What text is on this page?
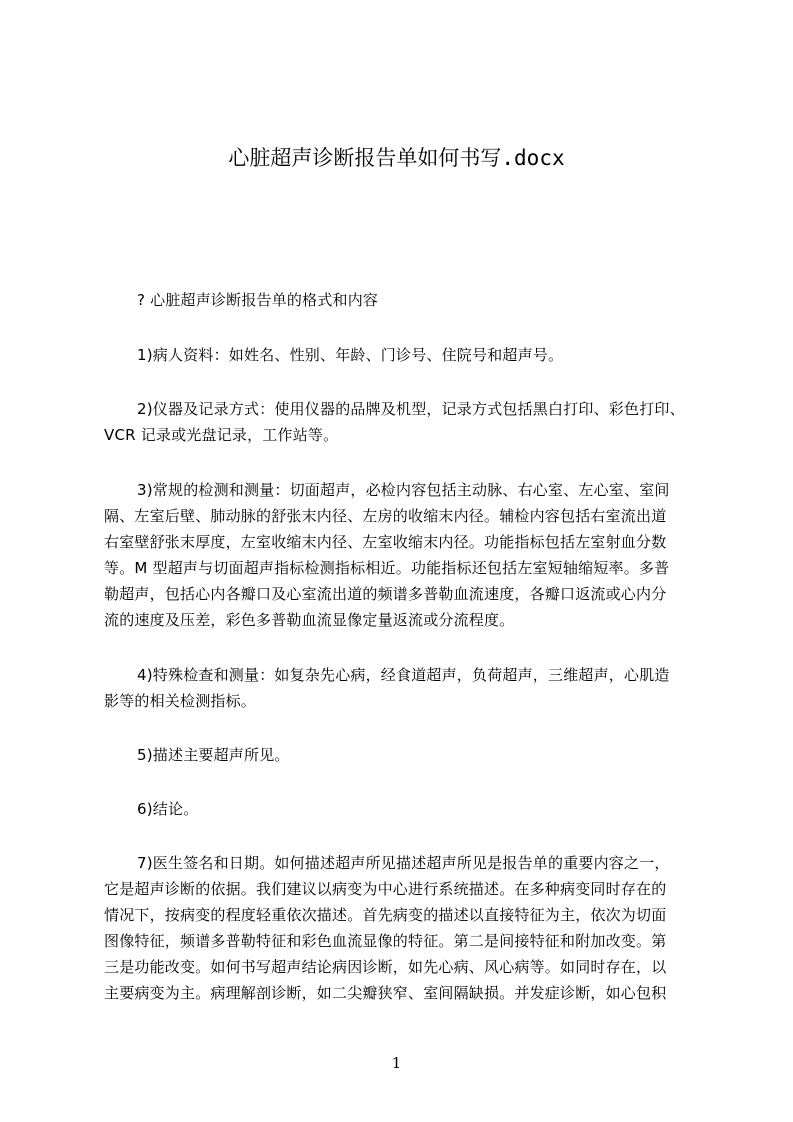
心脏超声诊断报告单如何书写.docx
? 心脏超声诊断报告单的格式和内容
1)病人资料：如姓名、性别、年龄、门诊号、住院号和超声号。
2)仪器及记录方式：使用仪器的品牌及机型，记录方式包括黑白打印、彩色打印、
VCR 记录或光盘记录，工作站等。
3)常规的检测和测量：切面超声，必检内容包括主动脉、右心室、左心室、室间
隔、左室后壁、肺动脉的舒张末内径、左房的收缩末内径。辅检内容包括右室流出道
右室壁舒张末厚度，左室收缩末内径、左室收缩末内径。功能指标包括左室射血分数
等。M 型超声与切面超声指标检测指标相近。功能指标还包括左室短轴缩短率。多普
勒超声，包括心内各瓣口及心室流出道的频谱多普勒血流速度，各瓣口返流或心内分
流的速度及压差，彩色多普勒血流显像定量返流或分流程度。
4)特殊检查和测量：如复杂先心病，经食道超声，负荷超声，三维超声，心肌造
影等的相关检测指标。
5)描述主要超声所见。
6)结论。
7)医生签名和日期。如何描述超声所见描述超声所见是报告单的重要内容之一，
它是超声诊断的依据。我们建议以病变为中心进行系统描述。在多种病变同时存在的
情况下，按病变的程度轻重依次描述。首先病变的描述以直接特征为主，依次为切面
图像特征，频谱多普勒特征和彩色血流显像的特征。第二是间接特征和附加改变。第
三是功能改变。如何书写超声结论病因诊断，如先心病、风心病等。如同时存在，以
主要病变为主。病理解剖诊断，如二尖瓣狭窄、室间隔缺损。并发症诊断，如心包积
1
